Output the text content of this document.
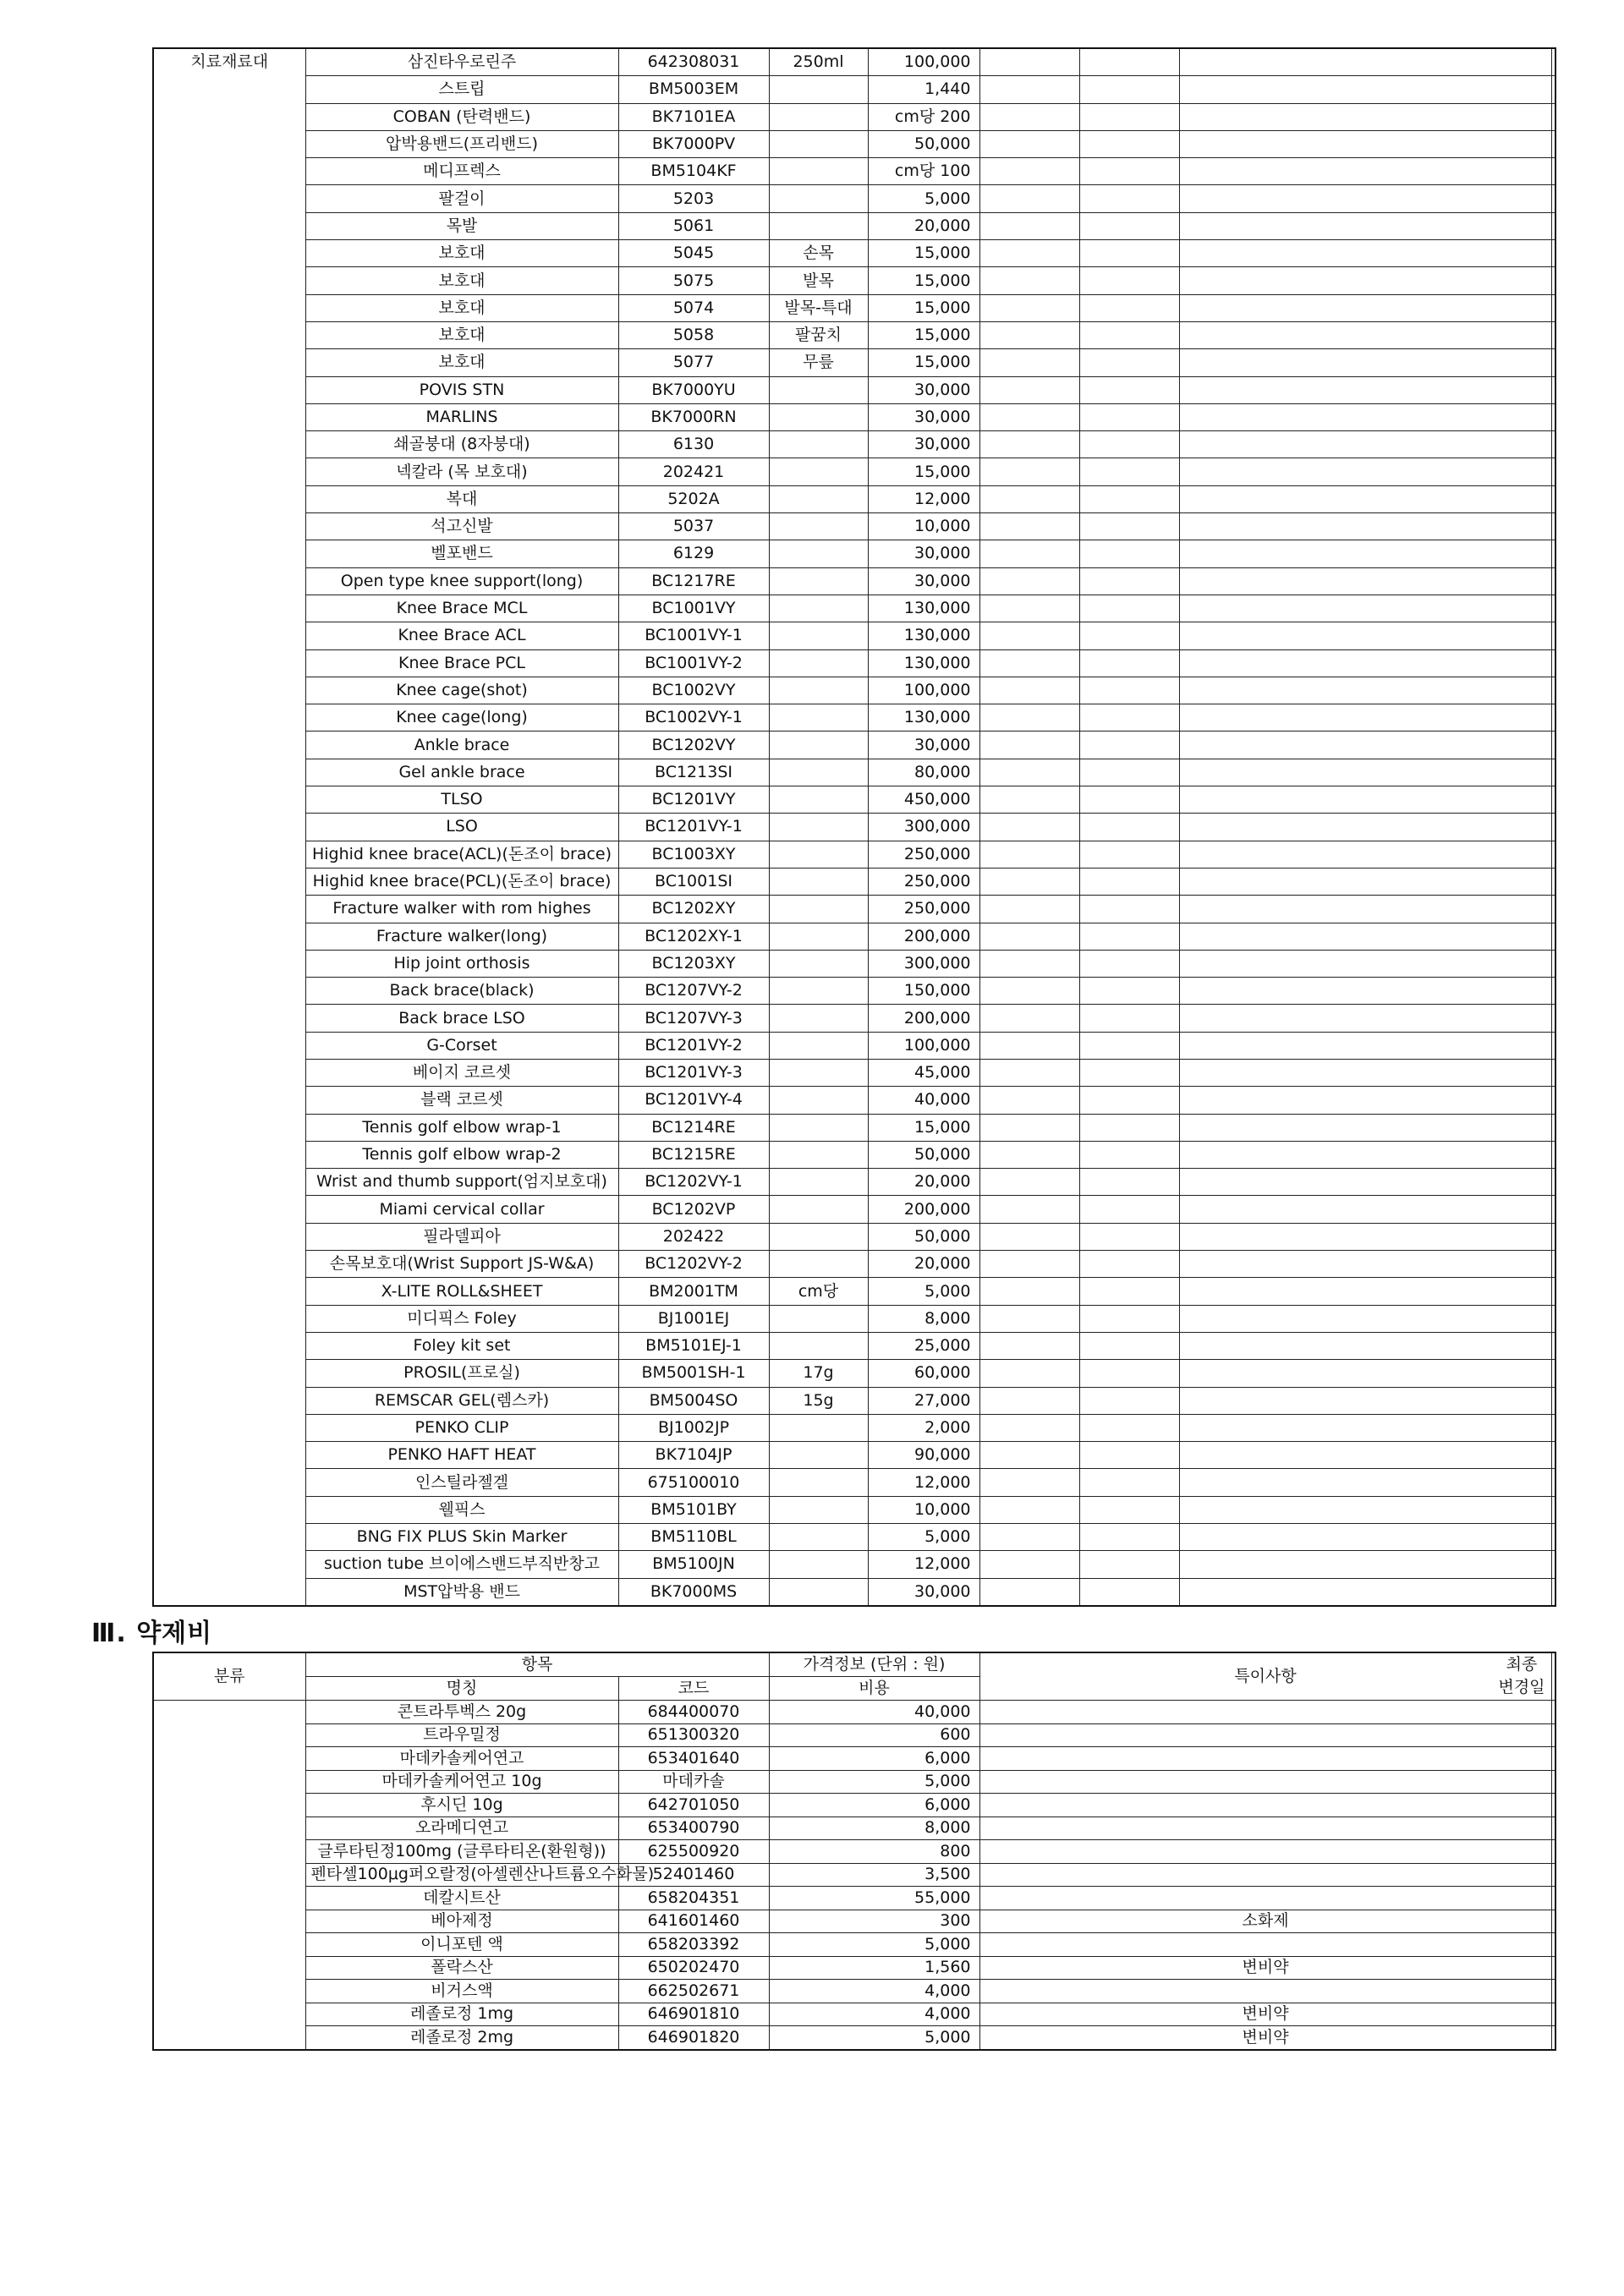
치료재료대	삼진타우로린주	642308031	250ml	100,000				
	스트립	BM5003EM		1,440				
	COBAN (탄력밴드)	BK7101EA		cm당 200				
	압박용밴드(프리밴드)	BK7000PV		50,000				
	메디프렉스	BM5104KF		cm당 100				
	팔걸이	5203		5,000				
	목발	5061		20,000				
	보호대	5045	손목	15,000				
	보호대	5075	발목	15,000				
	보호대	5074	발목-특대	15,000				
	보호대	5058	팔꿈치	15,000				
	보호대	5077	무릎	15,000				
	POVIS STN	BK7000YU		30,000				
	MARLINS	BK7000RN		30,000				
	쇄골붕대 (8자붕대)	6130		30,000				
	넥칼라 (목 보호대)	202421		15,000				
	복대	5202A		12,000				
	석고신발	5037		10,000				
	벨포밴드	6129		30,000				
	Open type knee support(long)	BC1217RE		30,000				
	Knee Brace MCL	BC1001VY		130,000				
	Knee Brace ACL	BC1001VY-1		130,000				
	Knee Brace PCL	BC1001VY-2		130,000				
	Knee cage(shot)	BC1002VY		100,000				
	Knee cage(long)	BC1002VY-1		130,000				
	Ankle brace	BC1202VY		30,000				
	Gel ankle brace	BC1213SI		80,000				
	TLSO	BC1201VY		450,000				
	LSO	BC1201VY-1		300,000				
	Highid knee brace(ACL)(돈조이 brace)	BC1003XY		250,000				
	Highid knee brace(PCL)(돈조이 brace)	BC1001SI		250,000				
	Fracture walker with rom highes	BC1202XY		250,000				
	Fracture walker(long)	BC1202XY-1		200,000				
	Hip joint orthosis	BC1203XY		300,000				
	Back brace(black)	BC1207VY-2		150,000				
	Back brace LSO	BC1207VY-3		200,000				
	G-Corset	BC1201VY-2		100,000				
	베이지 코르셋	BC1201VY-3		45,000				
	블랙 코르셋	BC1201VY-4		40,000				
	Tennis golf elbow wrap-1	BC1214RE		15,000				
	Tennis golf elbow wrap-2	BC1215RE		50,000				
	Wrist and thumb support(엄지보호대)	BC1202VY-1		20,000				
	Miami cervical collar	BC1202VP		200,000				
	필라델피아	202422		50,000				
	손목보호대(Wrist Support JS-W&A)	BC1202VY-2		20,000				
	X-LITE ROLL&SHEET	BM2001TM	cm당	5,000				
	미디픽스 Foley	BJ1001EJ		8,000				
	Foley kit set	BM5101EJ-1		25,000				
	PROSIL(프로실)	BM5001SH-1	17g	60,000				
	REMSCAR GEL(렘스카)	BM5004SO	15g	27,000				
	PENKO CLIP	BJ1002JP		2,000				
	PENKO HAFT HEAT	BK7104JP		90,000				
	인스틸라젤겔	675100010		12,000				
	웰픽스	BM5101BY		10,000				
	BNG FIX PLUS Skin Marker	BM5110BL		5,000				
	suction tube 브이에스밴드부직반창고	BM5100JN		12,000				
	MST압박용 밴드	BK7000MS		30,000				
Ⅲ. 약제비
분류	항목		가격정보 (단위 : 원)	특이사항	
	명칭	코드	비용		
	콘트라투벡스 20g	684400070	40,000		
	트라우밀정	651300320	600		
	마데카솔케어연고	653401640	6,000		
	마데카솔케어연고 10g	마데카솔	5,000		
	후시딘 10g	642701050	6,000		
	오라메디연고	653400790	8,000		
	글루타틴정100mg (글루타티온(환원형))	625500920	800		
	펜타셀100μg퍼오랄정(아셀렌산나트륨오수화물)	52401460	3,500		
	데칼시트산	658204351	55,000		
	베아제정	641601460	300	소화제	
	이니포텐 액	658203392	5,000		
	폴락스산	650202470	1,560	변비약	
	비거스액	662502671	4,000		
	레졸로정 1mg	646901810	4,000	변비약	
	레졸로정 2mg	646901820	5,000	변비약	
최종
변경일
